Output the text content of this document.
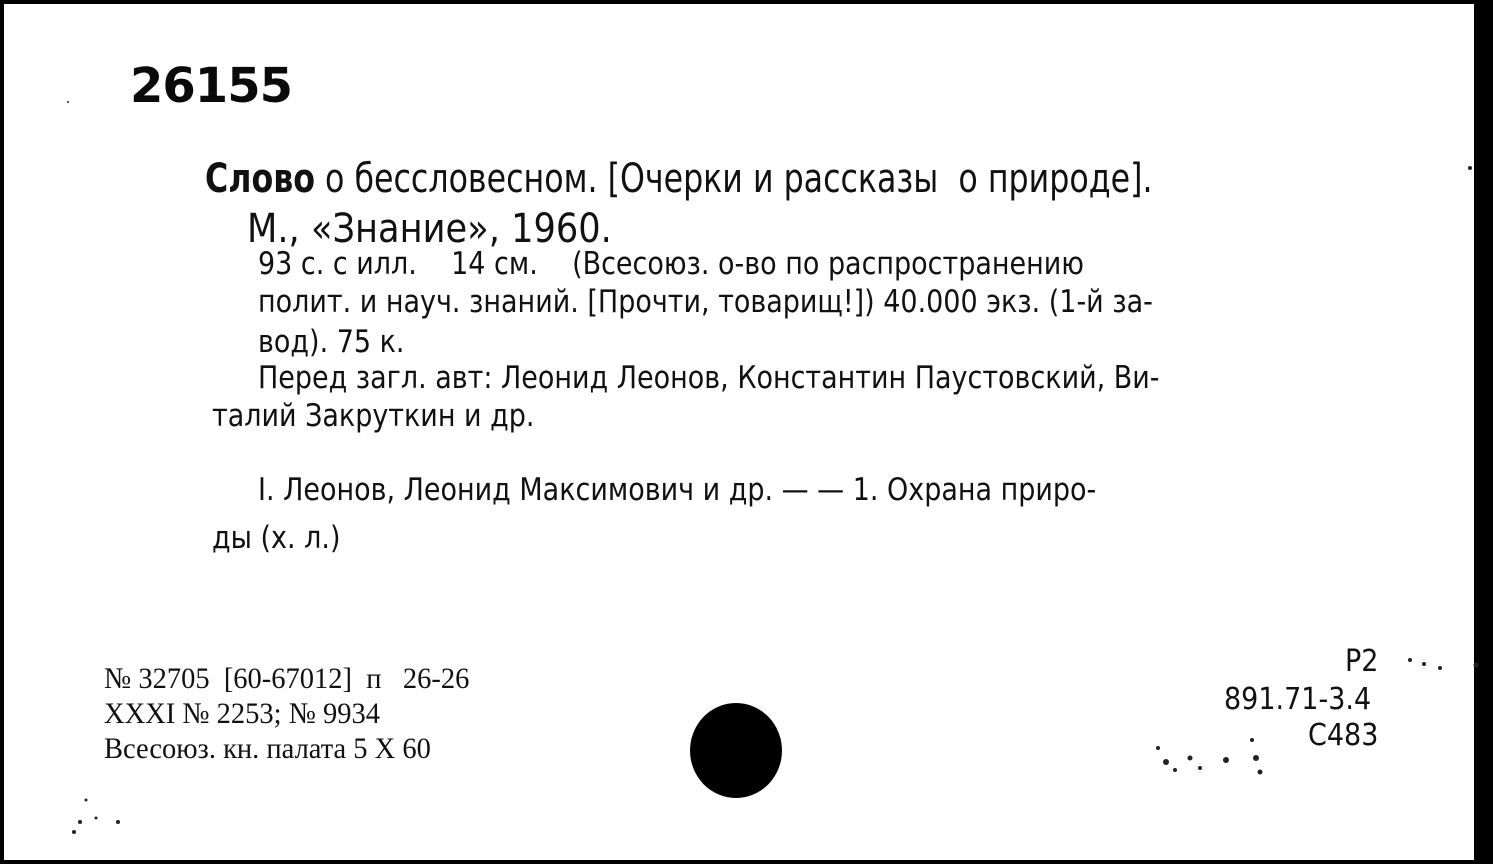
26155
Слово о бессловесном. [Очерки и рассказы  о природе].
М., «Знание», 1960.
93 с. с илл.    14 см.    (Всесоюз. о-во по распространению
полит. и науч. знаний. [Прочти, товарищ!]) 40.000 экз. (1-й за-
вод). 75 к.
Перед загл. авт: Леонид Леонов, Константин Паустовский, Ви-
талий Закруткин и др.
I. Леонов, Леонид Максимович и др. — — 1. Охрана приро-
ды (х. л.)
№ 32705  [60-67012]  п   26-26
XXXI № 2253; № 9934
Всесоюз. кн. палата 5 X 60
Р2
891.71-3.4
С483
